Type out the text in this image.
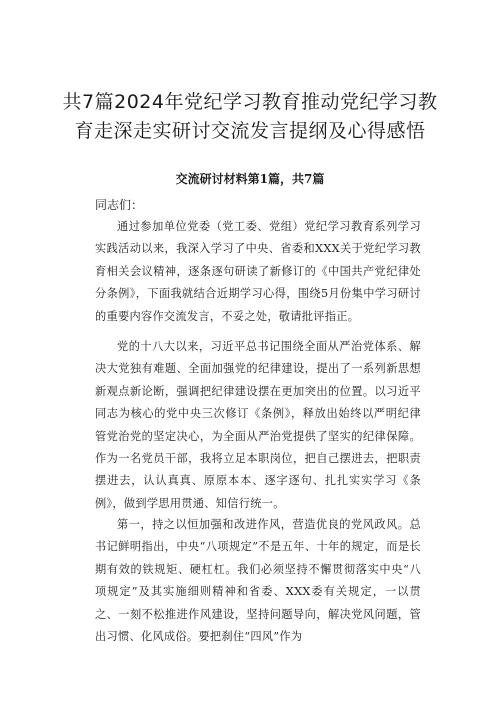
共7篇2024年党纪学习教育推动党纪学习教育走深走实研讨交流发言提纲及心得感悟
交流研讨材料第1篇，共7篇

同志们：

通过参加单位党委（党工委、党组）党纪学习教育系列学习实践活动以来，我深入学习了中央、省委和XXX关于党纪学习教育相关会议精神，逐条逐句研读了新修订的《中国共产党纪律处分条例》，下面我就结合近期学习心得，围绕5月份集中学习研讨的重要内容作交流发言，不妥之处，敬请批评指正。

党的十八大以来，习近平总书记围绕全面从严治党体系、解决大党独有难题、全面加强党的纪律建设，提出了一系列新思想新观点新论断，强调把纪律建设摆在更加突出的位置。以习近平同志为核心的党中央三次修订《条例》，释放出始终以严明纪律管党治党的坚定决心，为全面从严治党提供了坚实的纪律保障。作为一名党员干部，我将立足本职岗位，把自己摆进去，把职责摆进去，认认真真、原原本本、逐字逐句、扎扎实实学习《条例》，做到学思用贯通、知信行统一。

第一，持之以恒加强和改进作风，营造优良的党风政风。总书记鲜明指出，中央“八项规定”不是五年、十年的规定，而是长期有效的铁规矩、硬杠杠。我们必须坚持不懈贯彻落实中央“八项规定”及其实施细则精神和省委、XXX委有关规定，一以贯之、一刻不松推进作风建设，坚持问题导向，解决党风问题，管出习惯、化风成俗。要把刹住“四风”作为
